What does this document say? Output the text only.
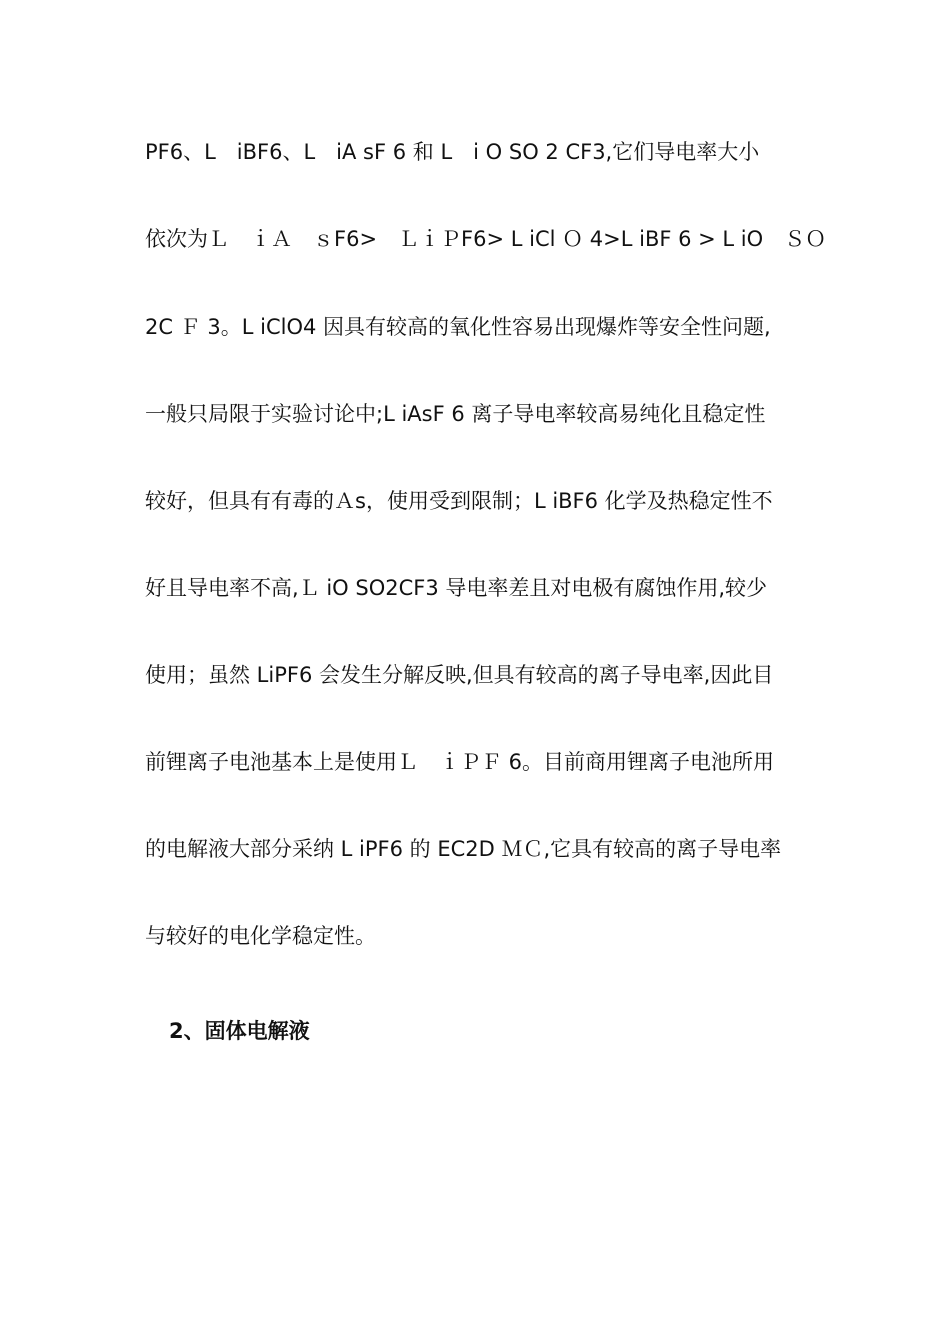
PF6、L　iBF6、L　iA sF 6 和 L　i O SO 2 CF3,它们导电率大小
依次为Ｌ　ｉＡ　ｓF6>　ＬｉＰF6> L iCl Ｏ 4>L iBF 6 > L iO　ＳＯ
2C Ｆ 3。L iClO4 因具有较高的氧化性容易出现爆炸等安全性问题,
一般只局限于实验讨论中;L iAsF 6 离子导电率较高易纯化且稳定性
较好，但具有有毒的Ａs，使用受到限制；L iBF6 化学及热稳定性不
好且导电率不高,Ｌ iO SO2CF3 导电率差且对电极有腐蚀作用,较少
使用；虽然 LiPF6 会发生分解反映,但具有较高的离子导电率,因此目
前锂离子电池基本上是使用Ｌ　ｉＰＦ 6。目前商用锂离子电池所用
的电解液大部分采纳 L iPF6 的 EC2D ＭＣ,它具有较高的离子导电率
与较好的电化学稳定性。
2、固体电解液
